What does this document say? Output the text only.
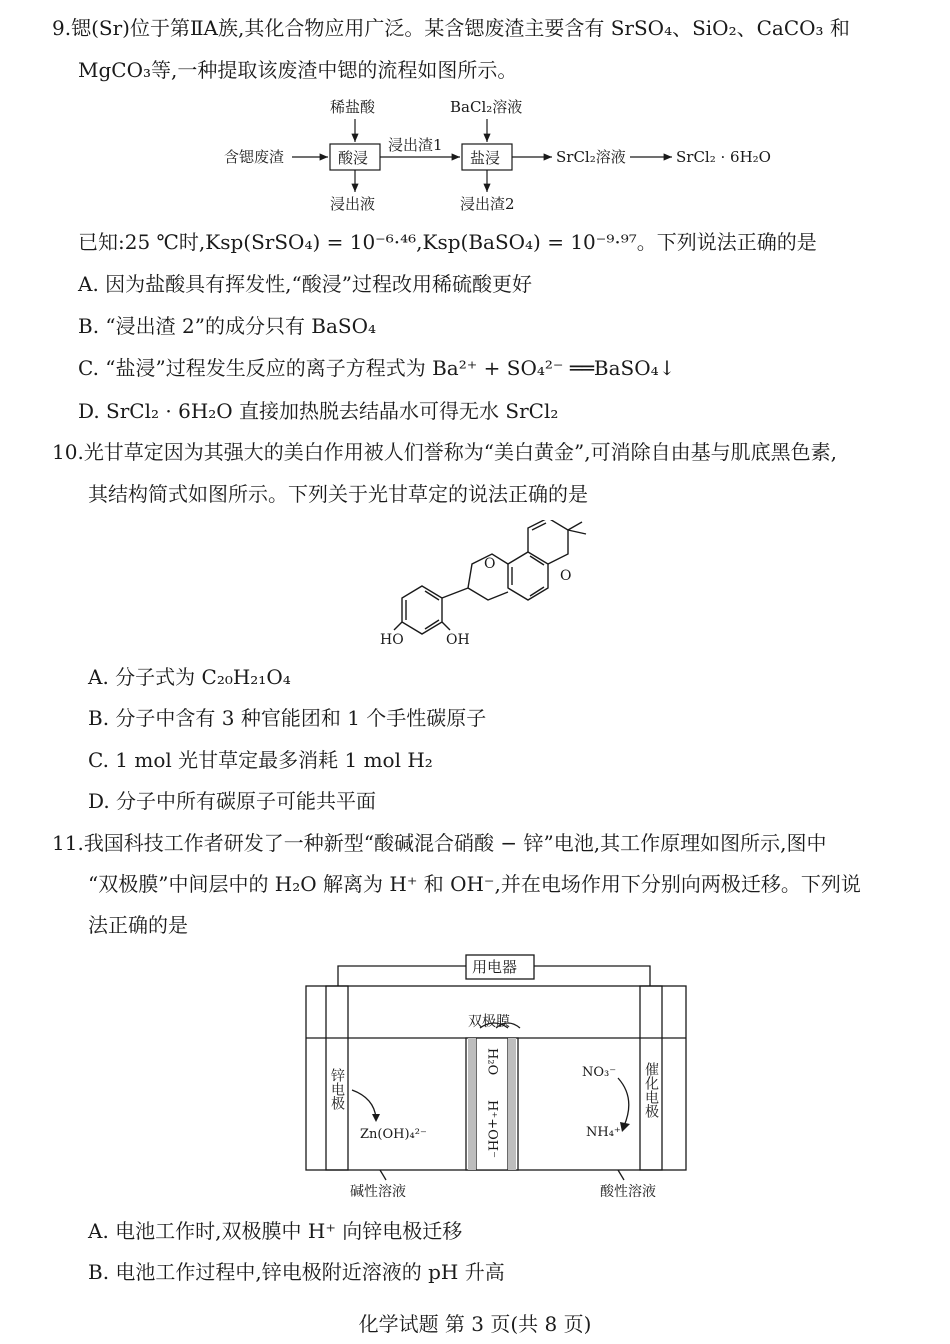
9.锶(Sr)位于第ⅡA族,其化合物应用广泛。某含锶废渣主要含有 SrSO₄、SiO₂、CaCO₃ 和
MgCO₃等,一种提取该废渣中锶的流程如图所示。
含锶废渣	酸浸
稀盐酸
浸出液
浸出渣1
盐浸
BaCl₂溶液
浸出渣2
SrCl₂溶液	SrCl₂ · 6H₂O
已知:25 ℃时,Ksp(SrSO₄) = 10⁻⁶·⁴⁶,Ksp(BaSO₄) = 10⁻⁹·⁹⁷。下列说法正确的是
A. 因为盐酸具有挥发性,“酸浸”过程改用稀硫酸更好
B. “浸出渣 2”的成分只有 BaSO₄
C. “盐浸”过程发生反应的离子方程式为 Ba²⁺ + SO₄²⁻ ══BaSO₄↓
D. SrCl₂ · 6H₂O 直接加热脱去结晶水可得无水 SrCl₂
10.光甘草定因为其强大的美白作用被人们誉称为“美白黄金”,可消除自由基与肌底黑色素,
其结构简式如图所示。下列关于光甘草定的说法正确的是
O
O
HO	OH
A. 分子式为 C₂₀H₂₁O₄
B. 分子中含有 3 种官能团和 1 个手性碳原子
C. 1 mol 光甘草定最多消耗 1 mol H₂
D. 分子中所有碳原子可能共平面
11.我国科技工作者研发了一种新型“酸碱混合硝酸 − 锌”电池,其工作原理如图所示,图中
“双极膜”中间层中的 H₂O 解离为 H⁺ 和 OH⁻,并在电场作用下分别向两极迁移。下列说
法正确的是
用电器
双极膜
锌电极	催化电极
Zn(OH)₄²⁻
NO₃⁻
NH₄⁺
H₂O
H⁺+OH⁻
碱性溶液	酸性溶液
A. 电池工作时,双极膜中 H⁺ 向锌电极迁移
B. 电池工作过程中,锌电极附近溶液的 pH 升高
化学试题 第 3 页(共 8 页)
